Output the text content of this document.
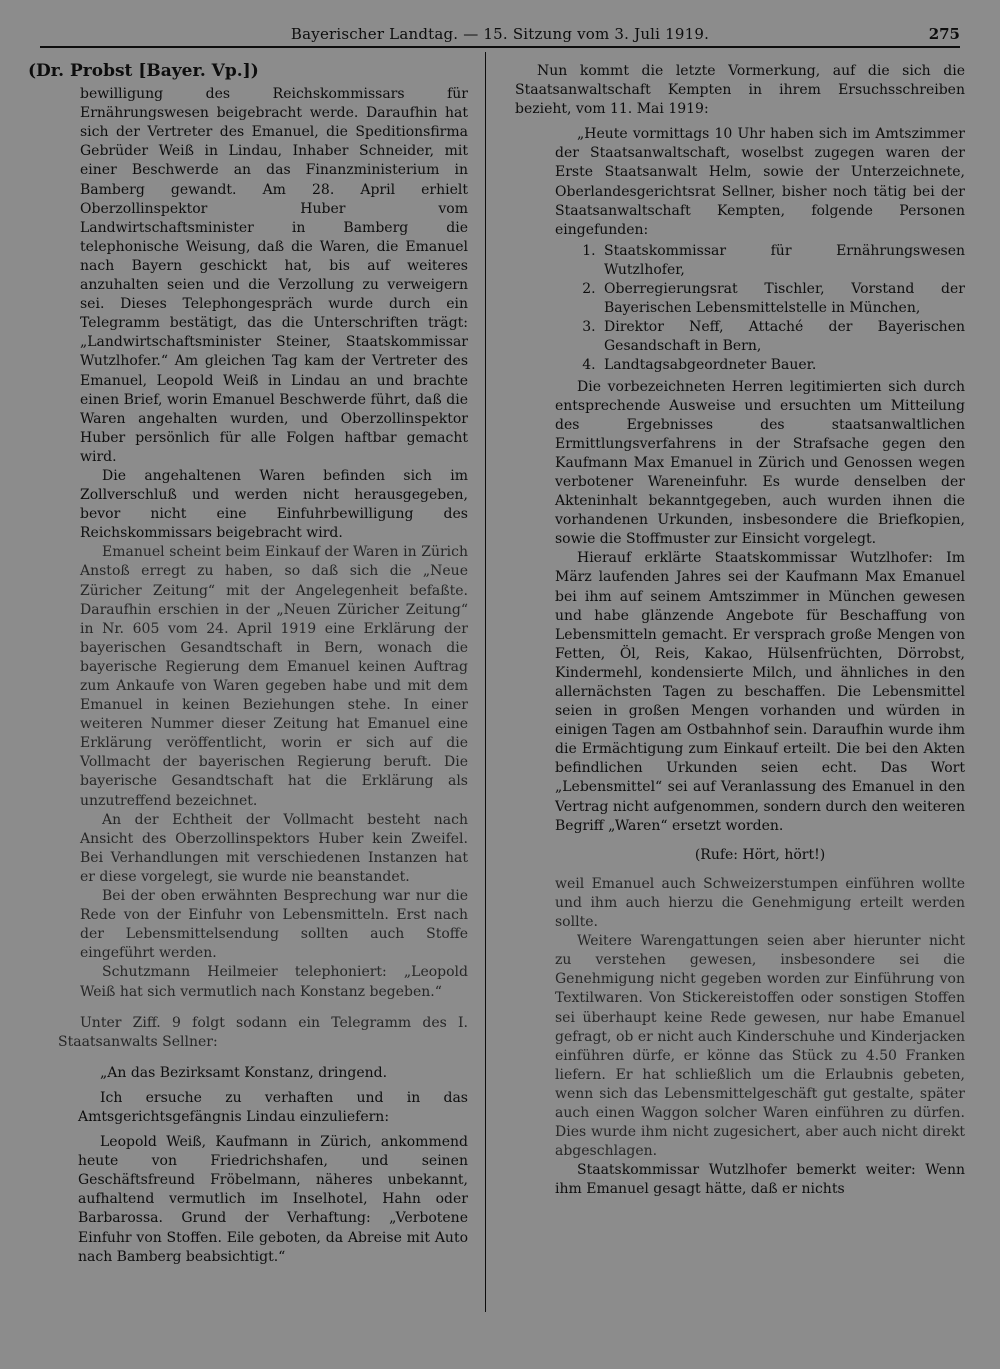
Bayerischer Landtag. — 15. Sitzung vom 3. Juli 1919.	275

(Dr. Probst [Bayer. Vp.])

bewilligung des Reichskommissars für Ernährungswesen beigebracht werde. Daraufhin hat sich der Vertreter des Emanuel, die Speditionsfirma Gebrüder Weiß in Lindau, Inhaber Schneider, mit einer Beschwerde an das Finanzministerium in Bamberg gewandt. Am 28. April erhielt Oberzollinspektor Huber vom Landwirtschaftsminister in Bamberg die telephonische Weisung, daß die Waren, die Emanuel nach Bayern geschickt hat, bis auf weiteres anzuhalten seien und die Verzollung zu verweigern sei. Dieses Telephongespräch wurde durch ein Telegramm bestätigt, das die Unterschriften trägt: „Landwirtschaftsminister Steiner, Staatskommissar Wutzlhofer.“ Am gleichen Tag kam der Vertreter des Emanuel, Leopold Weiß in Lindau an und brachte einen Brief, worin Emanuel Beschwerde führt, daß die Waren angehalten wurden, und Oberzollinspektor Huber persönlich für alle Folgen haftbar gemacht wird.

Die angehaltenen Waren befinden sich im Zollverschluß und werden nicht herausgegeben, bevor nicht eine Einfuhrbewilligung des Reichskommissars beigebracht wird.

Emanuel scheint beim Einkauf der Waren in Zürich Anstoß erregt zu haben, so daß sich die „Neue Züricher Zeitung“ mit der Angelegenheit befaßte. Daraufhin erschien in der „Neuen Züricher Zeitung“ in Nr. 605 vom 24. April 1919 eine Erklärung der bayerischen Gesandtschaft in Bern, wonach die bayerische Regierung dem Emanuel keinen Auftrag zum Ankaufe von Waren gegeben habe und mit dem Emanuel in keinen Beziehungen stehe. In einer weiteren Nummer dieser Zeitung hat Emanuel eine Erklärung veröffentlicht, worin er sich auf die Vollmacht der bayerischen Regierung beruft. Die bayerische Gesandtschaft hat die Erklärung als unzutreffend bezeichnet.

An der Echtheit der Vollmacht besteht nach Ansicht des Oberzollinspektors Huber kein Zweifel. Bei Verhandlungen mit verschiedenen Instanzen hat er diese vorgelegt, sie wurde nie beanstandet.

Bei der oben erwähnten Besprechung war nur die Rede von der Einfuhr von Lebensmitteln. Erst nach der Lebensmittelsendung sollten auch Stoffe eingeführt werden.

Schutzmann Heilmeier telephoniert: „Leopold Weiß hat sich vermutlich nach Konstanz begeben.“

Unter Ziff. 9 folgt sodann ein Telegramm des I. Staatsanwalts Sellner:

„An das Bezirksamt Konstanz, dringend.

Ich ersuche zu verhaften und in das Amtsgerichtsgefängnis Lindau einzuliefern:

Leopold Weiß, Kaufmann in Zürich, ankommend heute von Friedrichshafen, und seinen Geschäftsfreund Fröbelmann, näheres unbekannt, aufhaltend vermutlich im Inselhotel, Hahn oder Barbarossa. Grund der Verhaftung: „Verbotene Einfuhr von Stoffen. Eile geboten, da Abreise mit Auto nach Bamberg beabsichtigt.“

Nun kommt die letzte Vormerkung, auf die sich die Staatsanwaltschaft Kempten in ihrem Ersuchsschreiben bezieht, vom 11. Mai 1919:

„Heute vormittags 10 Uhr haben sich im Amtszimmer der Staatsanwaltschaft, woselbst zugegen waren der Erste Staatsanwalt Helm, sowie der Unterzeichnete, Oberlandesgerichtsrat Sellner, bisher noch tätig bei der Staatsanwaltschaft Kempten, folgende Personen eingefunden:

1. Staatskommissar für Ernährungswesen Wutzlhofer,
2. Oberregierungsrat Tischler, Vorstand der Bayerischen Lebensmittelstelle in München,
3. Direktor Neff, Attaché der Bayerischen Gesandschaft in Bern,
4. Landtagsabgeordneter Bauer.

Die vorbezeichneten Herren legitimierten sich durch entsprechende Ausweise und ersuchten um Mitteilung des Ergebnisses des staatsanwaltlichen Ermittlungsverfahrens in der Strafsache gegen den Kaufmann Max Emanuel in Zürich und Genossen wegen verbotener Wareneinfuhr. Es wurde denselben der Akteninhalt bekanntgegeben, auch wurden ihnen die vorhandenen Urkunden, insbesondere die Briefkopien, sowie die Stoffmuster zur Einsicht vorgelegt.

Hierauf erklärte Staatskommissar Wutzlhofer: Im März laufenden Jahres sei der Kaufmann Max Emanuel bei ihm auf seinem Amtszimmer in München gewesen und habe glänzende Angebote für Beschaffung von Lebensmitteln gemacht. Er versprach große Mengen von Fetten, Öl, Reis, Kakao, Hülsenfrüchten, Dörrobst, Kindermehl, kondensierte Milch, und ähnliches in den allernächsten Tagen zu beschaffen. Die Lebensmittel seien in großen Mengen vorhanden und würden in einigen Tagen am Ostbahnhof sein. Daraufhin wurde ihm die Ermächtigung zum Einkauf erteilt. Die bei den Akten befindlichen Urkunden seien echt. Das Wort „Lebensmittel“ sei auf Veranlassung des Emanuel in den Vertrag nicht aufgenommen, sondern durch den weiteren Begriff „Waren“ ersetzt worden.

(Rufe: Hört, hört!)

weil Emanuel auch Schweizerstumpen einführen wollte und ihm auch hierzu die Genehmigung erteilt werden sollte.

Weitere Warengattungen seien aber hierunter nicht zu verstehen gewesen, insbesondere sei die Genehmigung nicht gegeben worden zur Einführung von Textilwaren. Von Stickereistoffen oder sonstigen Stoffen sei überhaupt keine Rede gewesen, nur habe Emanuel gefragt, ob er nicht auch Kinderschuhe und Kinderjacken einführen dürfe, er könne das Stück zu 4.50 Franken liefern. Er hat schließlich um die Erlaubnis gebeten, wenn sich das Lebensmittelgeschäft gut gestalte, später auch einen Waggon solcher Waren einführen zu dürfen. Dies wurde ihm nicht zugesichert, aber auch nicht direkt abgeschlagen.

Staatskommissar Wutzlhofer bemerkt weiter: Wenn ihm Emanuel gesagt hätte, daß er nichts
